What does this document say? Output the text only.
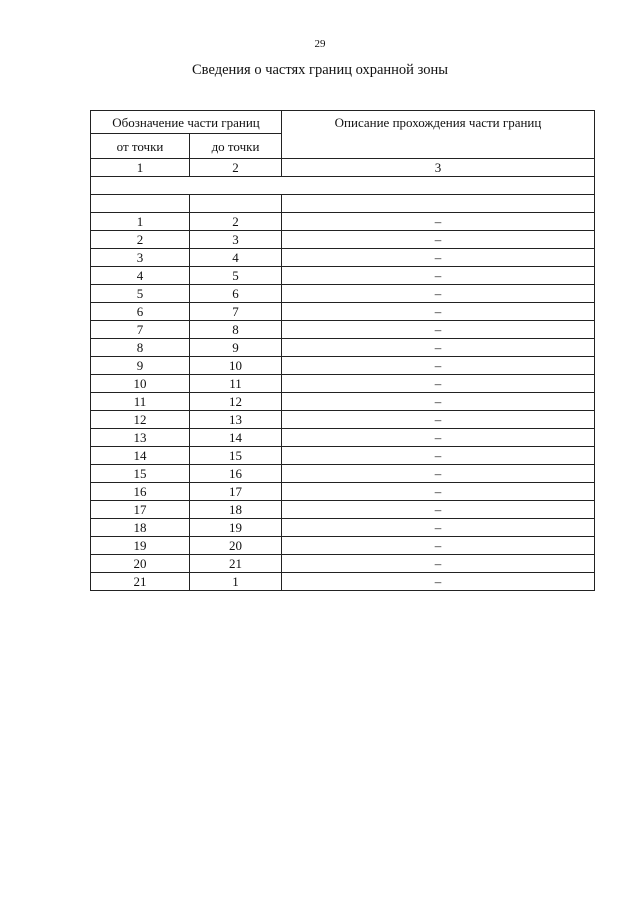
29
Сведения о частях границ охранной зоны
Обозначение части границ		Описание прохождения части границ
от точки	до точки	
1	2	3

1	2	–
2	3	–
3	4	–
4	5	–
5	6	–
6	7	–
7	8	–
8	9	–
9	10	–
10	11	–
11	12	–
12	13	–
13	14	–
14	15	–
15	16	–
16	17	–
17	18	–
18	19	–
19	20	–
20	21	–
21	1	–
